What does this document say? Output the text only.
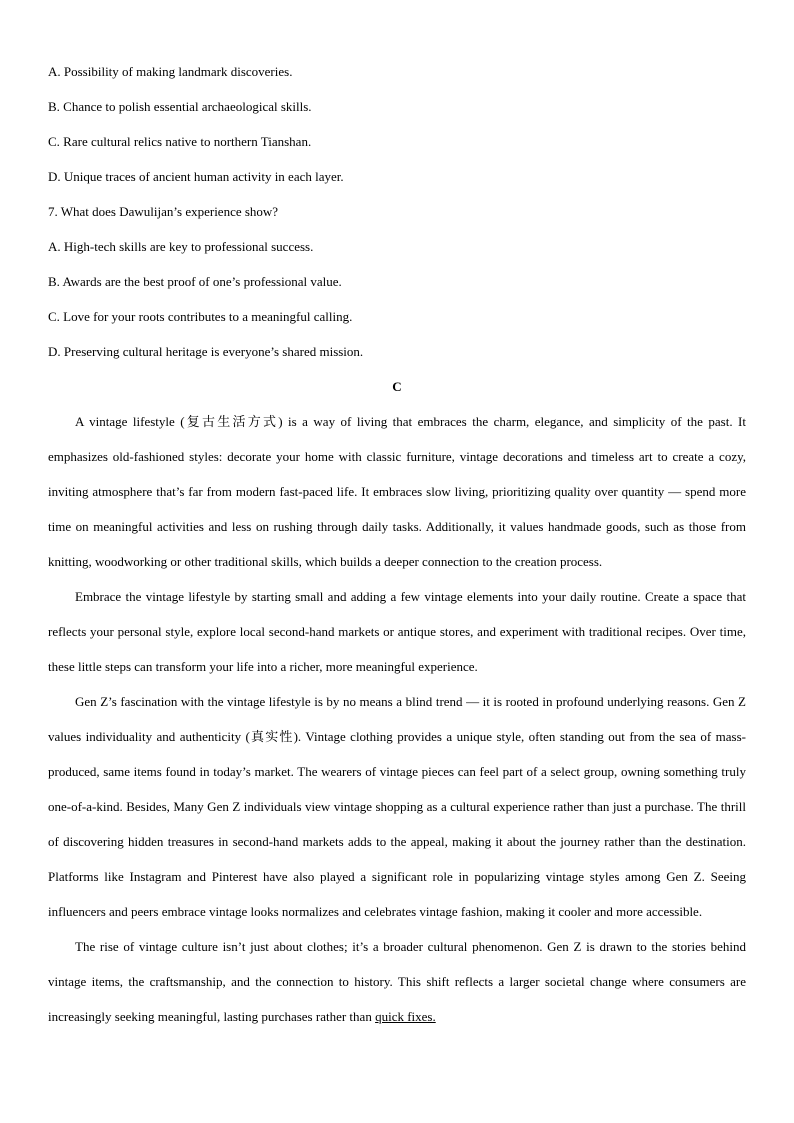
A. Possibility of making landmark discoveries.
B. Chance to polish essential archaeological skills.
C. Rare cultural relics native to northern Tianshan.
D. Unique traces of ancient human activity in each layer.
7. What does Dawulijan’s experience show?
A. High-tech skills are key to professional success.
B. Awards are the best proof of one’s professional value.
C. Love for your roots contributes to a meaningful calling.
D. Preserving cultural heritage is everyone’s shared mission.
C

A vintage lifestyle (复古生活方式) is a way of living that embraces the charm, elegance, and simplicity of the past. It emphasizes old-fashioned styles: decorate your home with classic furniture, vintage decorations and timeless art to create a cozy, inviting atmosphere that’s far from modern fast-paced life. It embraces slow living, prioritizing quality over quantity — spend more time on meaningful activities and less on rushing through daily tasks. Additionally, it values handmade goods, such as those from knitting, woodworking or other traditional skills, which builds a deeper connection to the creation process.

Embrace the vintage lifestyle by starting small and adding a few vintage elements into your daily routine. Create a space that reflects your personal style, explore local second-hand markets or antique stores, and experiment with traditional recipes. Over time, these little steps can transform your life into a richer, more meaningful experience.

Gen Z’s fascination with the vintage lifestyle is by no means a blind trend — it is rooted in profound underlying reasons. Gen Z values individuality and authenticity (真实性). Vintage clothing provides a unique style, often standing out from the sea of mass-produced, same items found in today’s market. The wearers of vintage pieces can feel part of a select group, owning something truly one-of-a-kind. Besides, Many Gen Z individuals view vintage shopping as a cultural experience rather than just a purchase. The thrill of discovering hidden treasures in second-hand markets adds to the appeal, making it about the journey rather than the destination. Platforms like Instagram and Pinterest have also played a significant role in popularizing vintage styles among Gen Z. Seeing influencers and peers embrace vintage looks normalizes and celebrates vintage fashion, making it cooler and more accessible.

The rise of vintage culture isn’t just about clothes; it’s a broader cultural phenomenon. Gen Z is drawn to the stories behind vintage items, the craftsmanship, and the connection to history. This shift reflects a larger societal change where consumers are increasingly seeking meaningful, lasting purchases rather than quick fixes.
